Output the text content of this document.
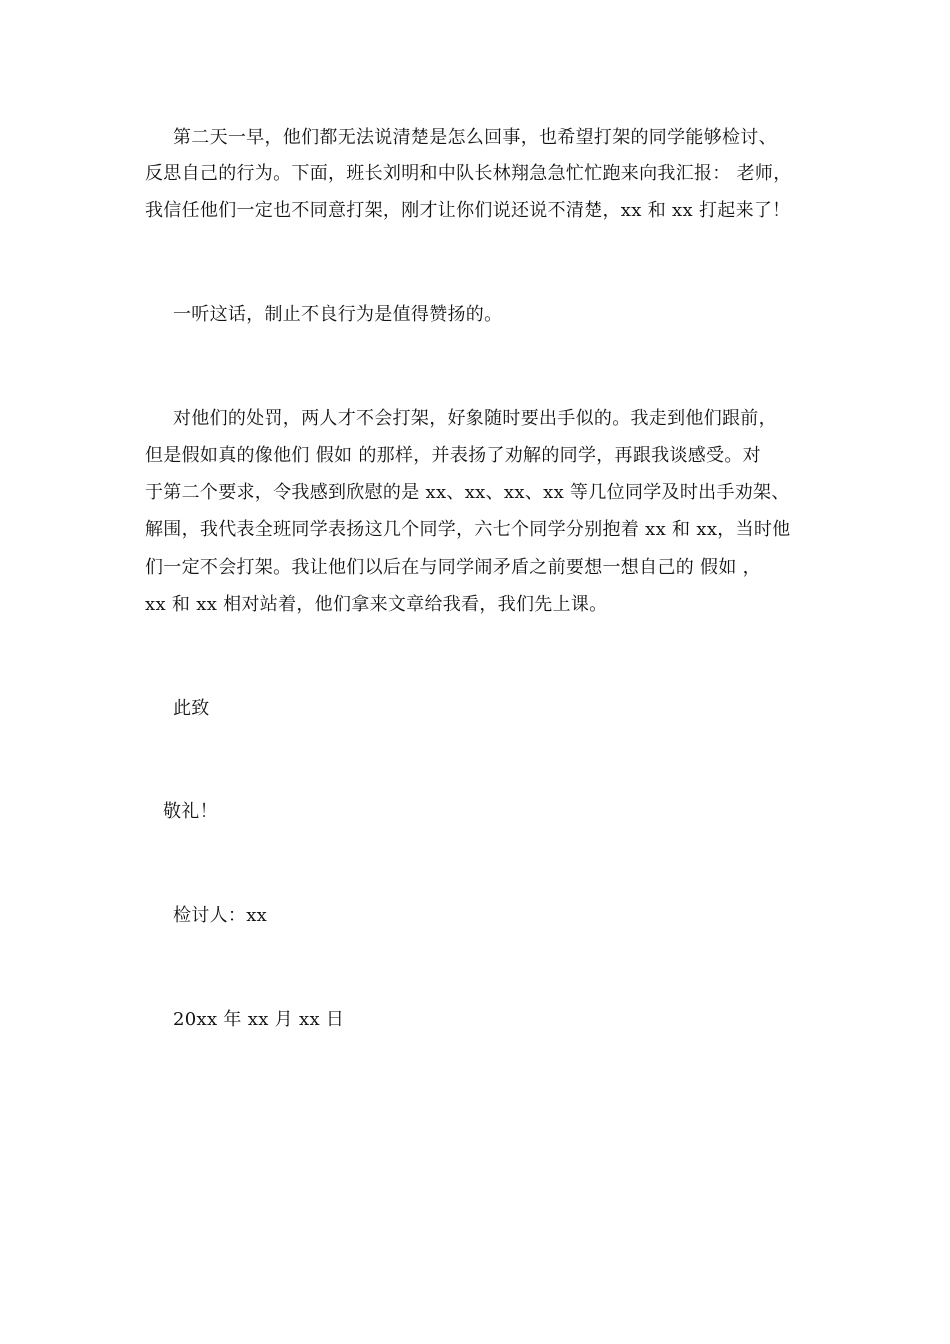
第二天一早，他们都无法说清楚是怎么回事，也希望打架的同学能够检讨、
反思自己的行为。下面，班长刘明和中队长林翔急急忙忙跑来向我汇报： 老师，
我信任他们一定也不同意打架，刚才让你们说还说不清楚，xx 和 xx 打起来了！
一听这话，制止不良行为是值得赞扬的。
对他们的处罚，两人才不会打架，好象随时要出手似的。我走到他们跟前，
但是假如真的像他们 假如 的那样，并表扬了劝解的同学，再跟我谈感受。对
于第二个要求，令我感到欣慰的是 xx、xx、xx、xx 等几位同学及时出手劝架、
解围，我代表全班同学表扬这几个同学，六七个同学分别抱着 xx 和 xx，当时他
们一定不会打架。我让他们以后在与同学闹矛盾之前要想一想自己的 假如 ，
xx 和 xx 相对站着，他们拿来文章给我看，我们先上课。
此致
敬礼！
检讨人：xx
20xx 年 xx 月 xx 日
